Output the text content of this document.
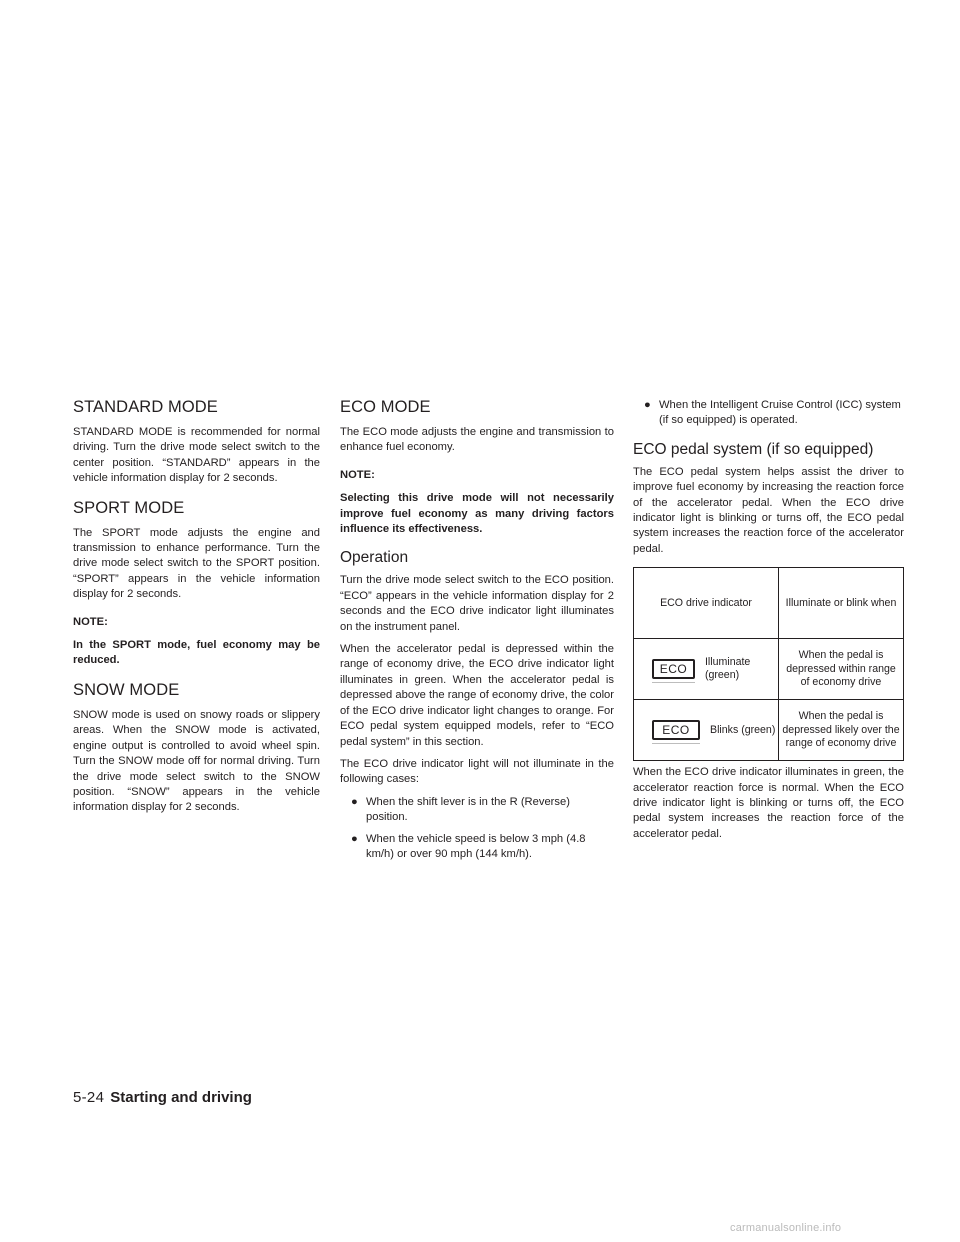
STANDARD MODE

STANDARD MODE is recommended for normal driving. Turn the drive mode select switch to the center position. “STANDARD” appears in the vehicle information display for 2 seconds.

SPORT MODE

The SPORT mode adjusts the engine and transmission to enhance performance. Turn the drive mode select switch to the SPORT position. “SPORT” appears in the vehicle information display for 2 seconds.

NOTE:

In the SPORT mode, fuel economy may be reduced.

SNOW MODE

SNOW mode is used on snowy roads or slippery areas. When the SNOW mode is activated, engine output is controlled to avoid wheel spin. Turn the SNOW mode off for normal driving. Turn the drive mode select switch to the SNOW position. “SNOW” appears in the vehicle information display for 2 seconds.

ECO MODE

The ECO mode adjusts the engine and transmission to enhance fuel economy.

NOTE:

Selecting this drive mode will not necessarily improve fuel economy as many driving factors influence its effectiveness.

Operation

Turn the drive mode select switch to the ECO position. “ECO” appears in the vehicle information display for 2 seconds and the ECO drive indicator light illuminates on the instrument panel.

When the accelerator pedal is depressed within the range of economy drive, the ECO drive indicator light illuminates in green. When the accelerator pedal is depressed above the range of economy drive, the color of the ECO drive indicator light changes to orange. For ECO pedal system equipped models, refer to “ECO pedal system” in this section.

The ECO drive indicator light will not illuminate in the following cases:

● When the shift lever is in the R (Reverse) position.
● When the vehicle speed is below 3 mph (4.8 km/h) or over 90 mph (144 km/h).
● When the Intelligent Cruise Control (ICC) system (if so equipped) is operated.
ECO pedal system (if so equipped)

The ECO pedal system helps assist the driver to improve fuel economy by increasing the reaction force of the accelerator pedal. When the ECO drive indicator light is blinking or turns off, the ECO pedal system increases the reaction force of the accelerator pedal.

ECO drive indicator	Illuminate or blink when

ECO
Illuminate (green)	When the pedal is depressed within range of economy drive

ECO Blinks (green)	When the pedal is depressed likely over the range of economy drive

When the ECO drive indicator illuminates in green, the accelerator reaction force is normal. When the ECO drive indicator light is blinking or turns off, the ECO pedal system increases the reaction force of the accelerator pedal.

5-24 Starting and driving
carmanualsonline.info
